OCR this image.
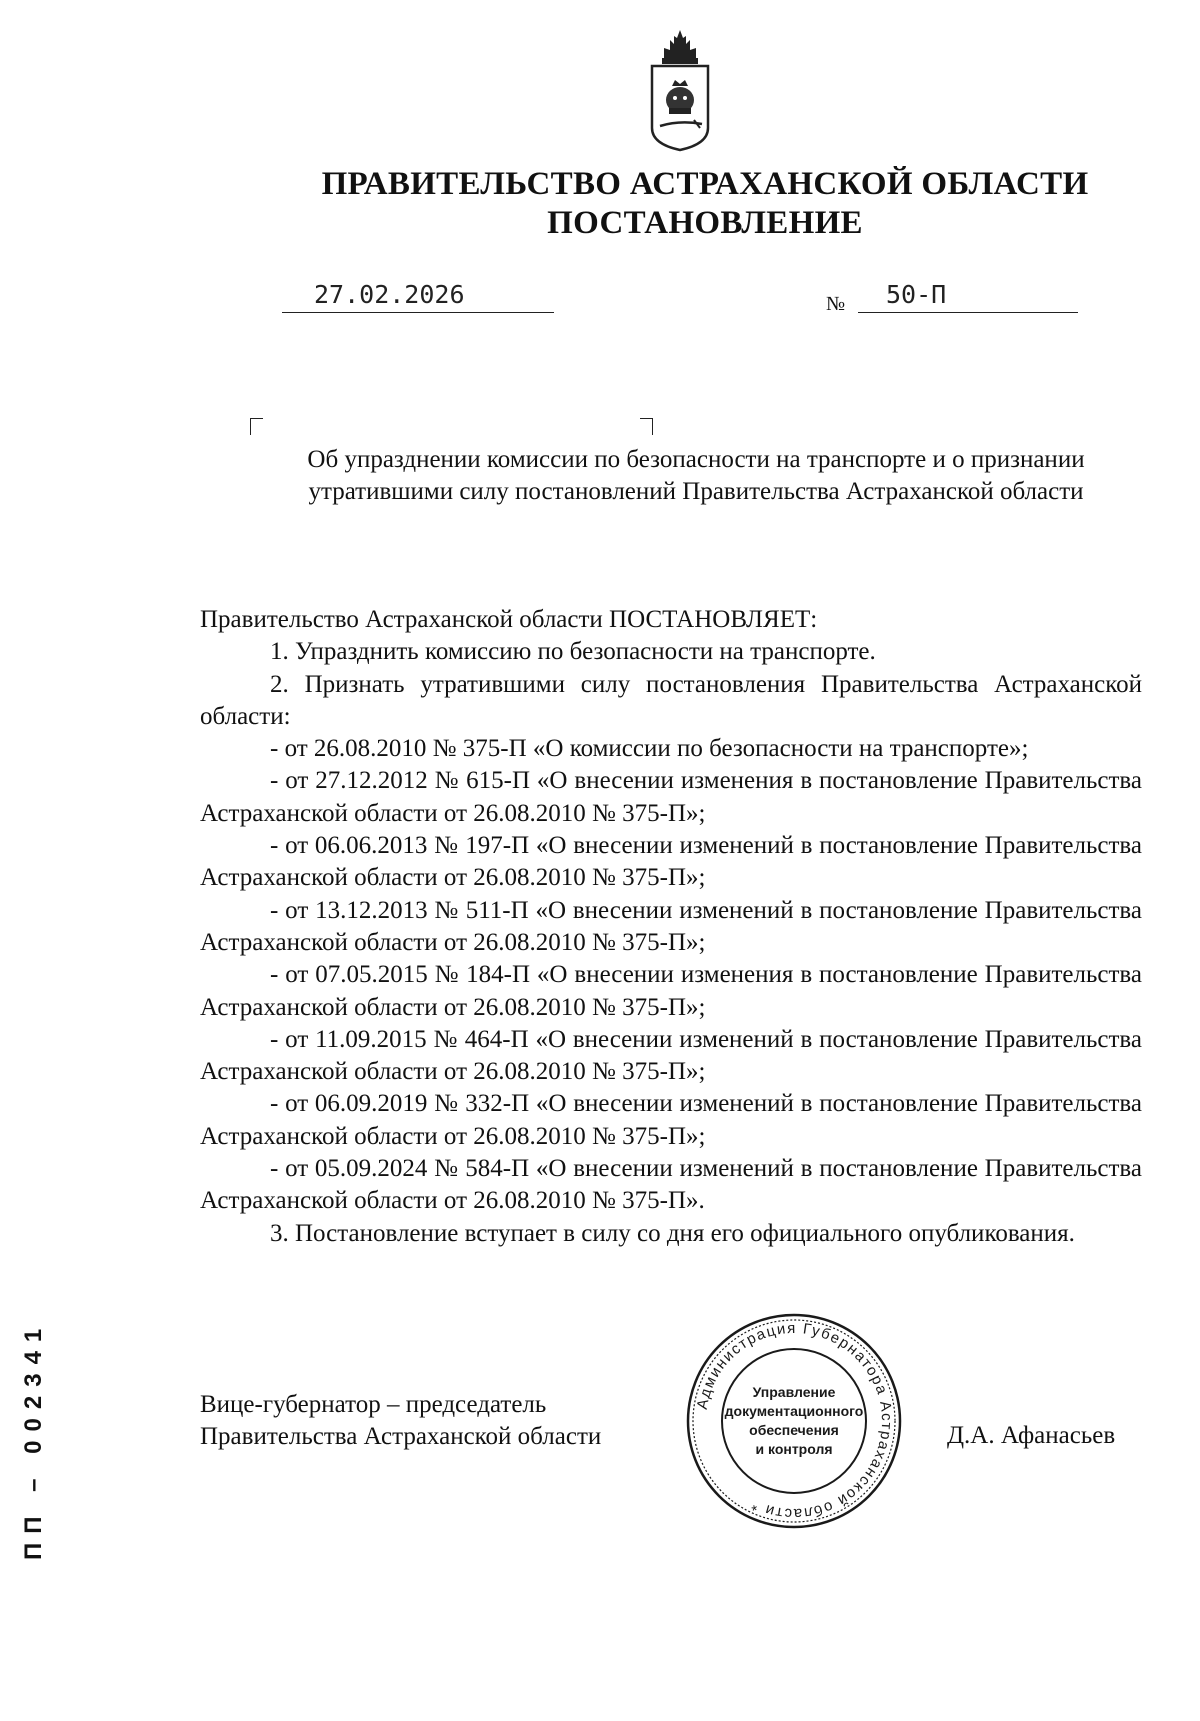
ПРАВИТЕЛЬСТВО АСТРАХАНСКОЙ ОБЛАСТИ
ПОСТАНОВЛЕНИЕ
27.02.2026	№ 50-П
Об упразднении комиссии по безопасности на транспорте и о признании
утратившими силу постановлений Правительства Астраханской области

Правительство Астраханской области ПОСТАНОВЛЯЕТ:

1. Упразднить комиссию по безопасности на транспорте.

2. Признать утратившими силу постановления Правительства Астраханской области:

- от 26.08.2010 № 375-П «О комиссии по безопасности на транспорте»;

- от 27.12.2012 № 615-П «О внесении изменения в постановление Правительства Астраханской области от 26.08.2010 № 375-П»;

- от 06.06.2013 № 197-П «О внесении изменений в постановление Правительства Астраханской области от 26.08.2010 № 375-П»;

- от 13.12.2013 № 511-П «О внесении изменений в постановление Правительства Астраханской области от 26.08.2010 № 375-П»;

- от 07.05.2015 № 184-П «О внесении изменения в постановление Правительства Астраханской области от 26.08.2010 № 375-П»;

- от 11.09.2015 № 464-П «О внесении изменений в постановление Правительства Астраханской области от 26.08.2010 № 375-П»;

- от 06.09.2019 № 332-П «О внесении изменений в постановление Правительства Астраханской области от 26.08.2010 № 375-П»;

- от 05.09.2024 № 584-П «О внесении изменений в постановление Правительства Астраханской области от 26.08.2010 № 375-П».

3. Постановление вступает в силу со дня его официального опубликования.

Вице-губернатор – председатель
Правительства Астраханской области
Администрация Губернатора Астраханской области *
Управление
документационного
обеспечения
и контроля	Д.А. Афанасьев
ПП – 002341
